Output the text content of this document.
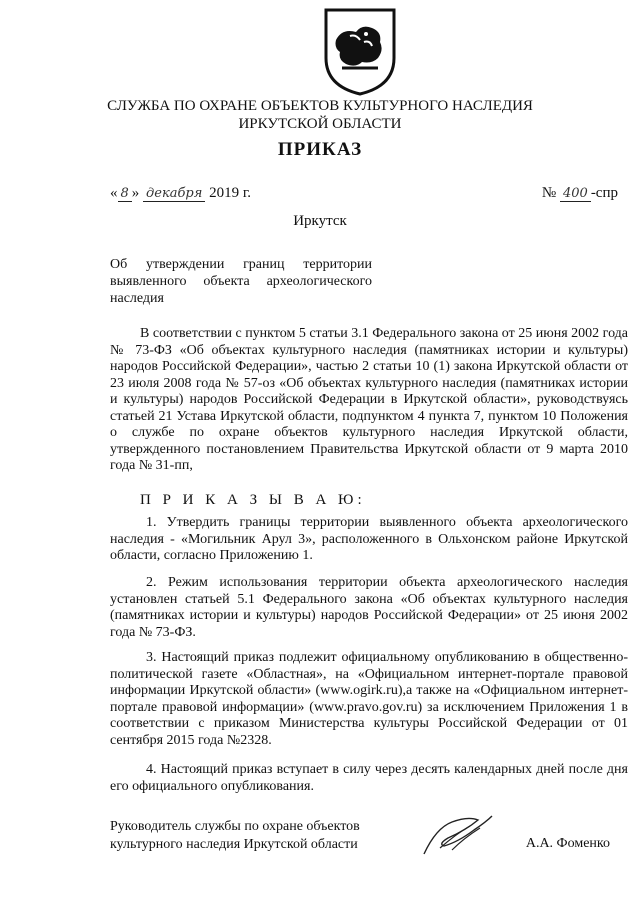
СЛУЖБА ПО ОХРАНЕ ОБЪЕКТОВ КУЛЬТУРНОГО НАСЛЕДИЯ
ИРКУТСКОЙ ОБЛАСТИ
ПРИКАЗ
« 8 » декабря 2019 г.	№ 400 -спр
Иркутск
Об утверждении границ территории выявленного объекта археологического наследия
В соответствии с пунктом 5 статьи 3.1 Федерального закона от 25 июня 2002 года № 73-ФЗ «Об объектах культурного наследия (памятниках истории и культуры) народов Российской Федерации», частью 2 статьи 10 (1) закона Иркутской области от 23 июля 2008 года № 57-оз «Об объектах культурного наследия (памятниках истории и культуры) народов Российской Федерации в Иркутской области», руководствуясь статьей 21 Устава Иркутской области, подпунктом 4 пункта 7, пунктом 10 Положения о службе по охране объектов культурного наследия Иркутской области, утвержденного постановлением Правительства Иркутской области от 9 марта 2010 года № 31-пп,
П Р И К А З Ы В А Ю:
1. Утвердить границы территории выявленного объекта археологического наследия - «Могильник Арул 3», расположенного в Ольхонском районе Иркутской области, согласно Приложению 1.
2. Режим использования территории объекта археологического наследия установлен статьей 5.1 Федерального закона «Об объектах культурного наследия (памятниках истории и культуры) народов Российской Федерации» от 25 июня 2002 года № 73-ФЗ.
3. Настоящий приказ подлежит официальному опубликованию в общественно-политической газете «Областная», на «Официальном интернет-портале правовой информации Иркутской области» (www.ogirk.ru),а также на «Официальном интернет-портале правовой информации» (www.pravo.gov.ru) за исключением Приложения 1 в соответствии с приказом Министерства культуры Российской Федерации от 01 сентября 2015 года №2328.
4. Настоящий приказ вступает в силу через десять календарных дней после дня его официального опубликования.
Руководитель службы по охране объектов
культурного наследия Иркутской области	А.А. Фоменко
